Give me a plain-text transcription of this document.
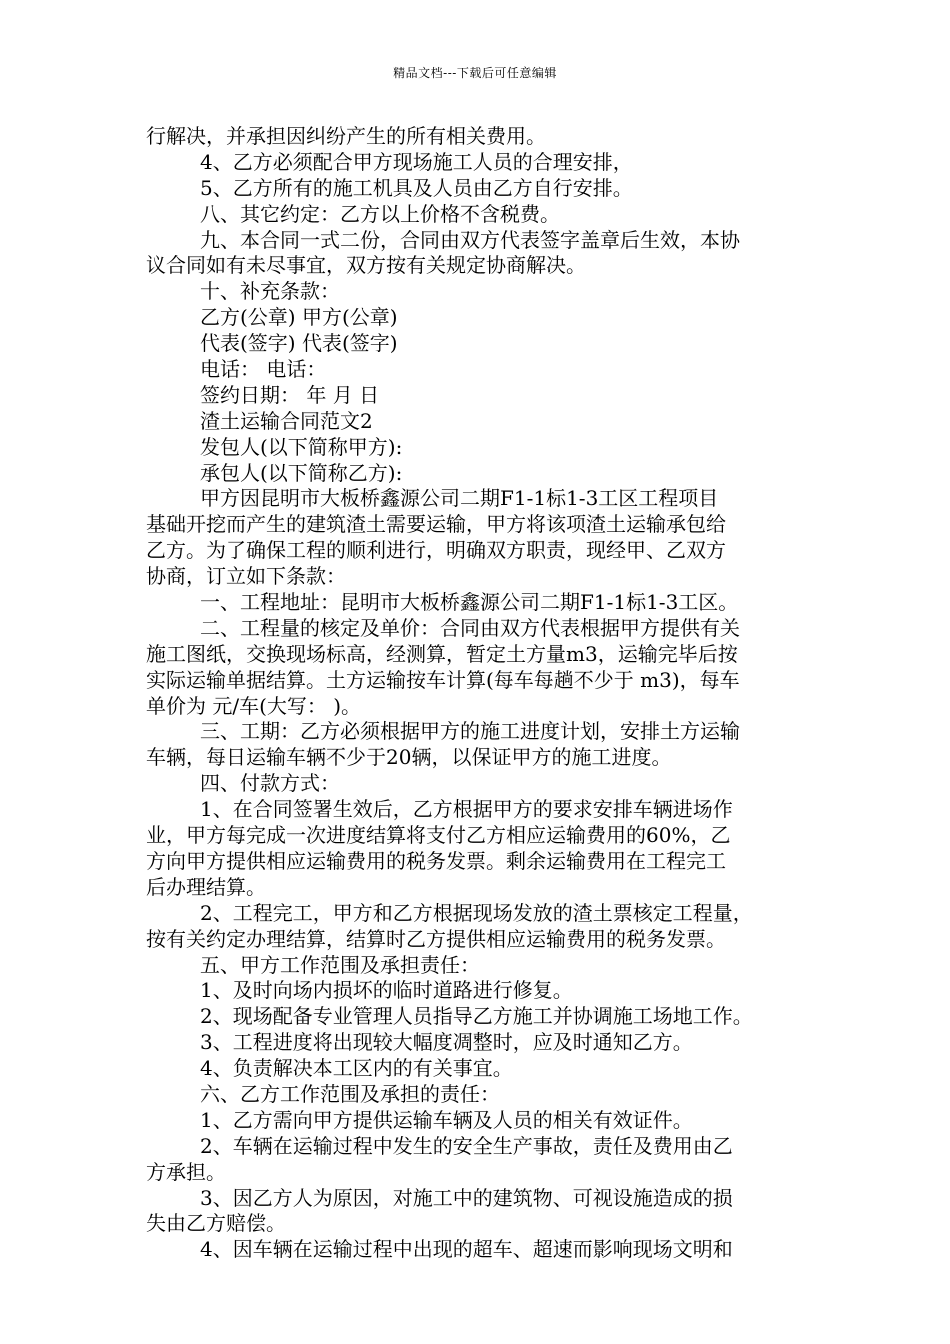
精品文档---下载后可任意编辑
行解决，并承担因纠纷产生的所有相关费用。
4、乙方必须配合甲方现场施工人员的合理安排，
5、乙方所有的施工机具及人员由乙方自行安排。
八、其它约定：乙方以上价格不含税费。
九、本合同一式二份，合同由双方代表签字盖章后生效，本协
议合同如有未尽事宜，双方按有关规定协商解决。
十、补充条款：
乙方(公章) 甲方(公章)
代表(签字) 代表(签字)
电话： 电话：
签约日期： 年 月 日
渣土运输合同范文2
发包人(以下简称甲方):
承包人(以下简称乙方):
甲方因昆明市大板桥鑫源公司二期F1-1标1-3工区工程项目
基础开挖而产生的建筑渣土需要运输，甲方将该项渣土运输承包给
乙方。为了确保工程的顺利进行，明确双方职责，现经甲、乙双方
协商，订立如下条款：
一、工程地址：昆明市大板桥鑫源公司二期F1-1标1-3工区。
二、工程量的核定及单价：合同由双方代表根据甲方提供有关
施工图纸，交换现场标高，经测算，暂定土方量m3，运输完毕后按
实际运输单据结算。土方运输按车计算(每车每趟不少于 m3)，每车
单价为 元/车(大写： )。
三、工期：乙方必须根据甲方的施工进度计划，安排土方运输
车辆，每日运输车辆不少于20辆，以保证甲方的施工进度。
四、付款方式：
1、在合同签署生效后，乙方根据甲方的要求安排车辆进场作
业，甲方每完成一次进度结算将支付乙方相应运输费用的60%，乙
方向甲方提供相应运输费用的税务发票。剩余运输费用在工程完工
后办理结算。
2、工程完工，甲方和乙方根据现场发放的渣土票核定工程量，
按有关约定办理结算，结算时乙方提供相应运输费用的税务发票。
五、甲方工作范围及承担责任：
1、及时向场内损坏的临时道路进行修复。
2、现场配备专业管理人员指导乙方施工并协调施工场地工作。
3、工程进度将出现较大幅度凋整时，应及时通知乙方。
4、负责解决本工区内的有关事宜。
六、乙方工作范围及承担的责任：
1、乙方需向甲方提供运输车辆及人员的相关有效证件。
2、车辆在运输过程中发生的安全生产事故，责任及费用由乙
方承担。
3、因乙方人为原因，对施工中的建筑物、可视设施造成的损
失由乙方赔偿。
4、因车辆在运输过程中出现的超车、超速而影响现场文明和
